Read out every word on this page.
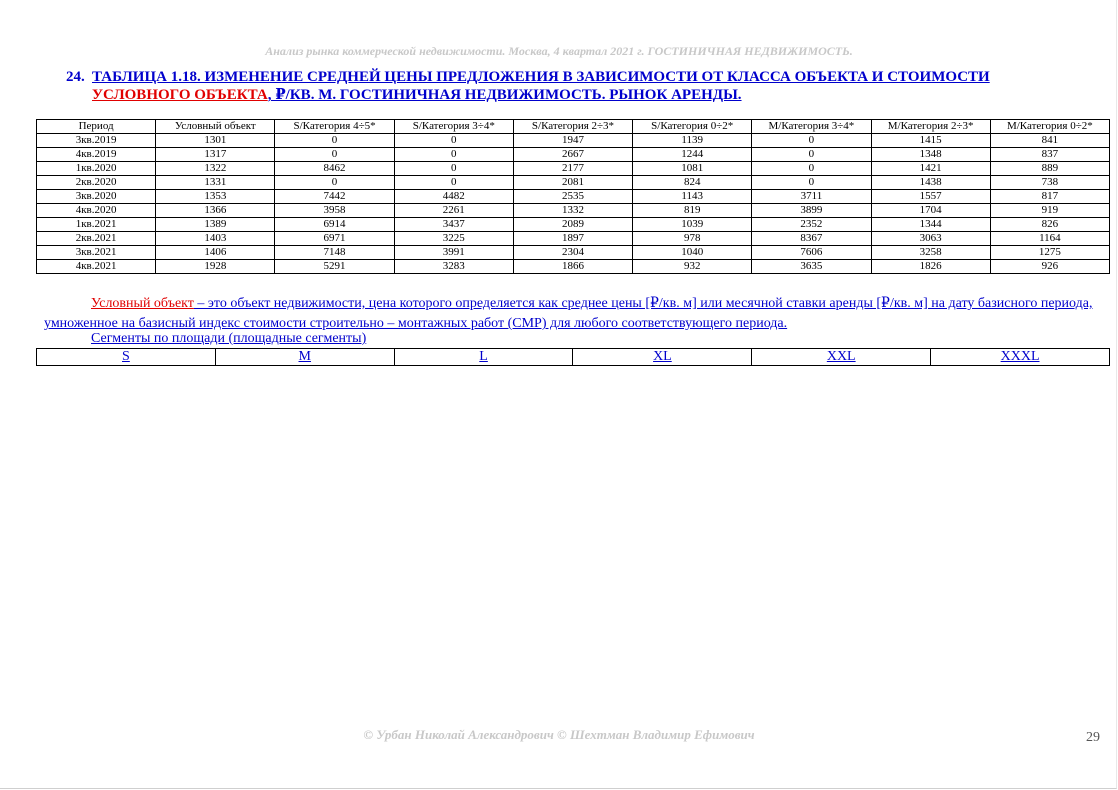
Анализ рынка коммерческой недвижимости. Москва, 4 квартал 2021 г. ГОСТИНИЧНАЯ НЕДВИЖИМОСТЬ.
24. ТАБЛИЦА 1.18. ИЗМЕНЕНИЕ СРЕДНЕЙ ЦЕНЫ ПРЕДЛОЖЕНИЯ В ЗАВИСИМОСТИ ОТ КЛАССА ОБЪЕКТА И СТОИМОСТИ
УСЛОВНОГО ОБЪЕКТА, ₽/КВ. М. ГОСТИНИЧНАЯ НЕДВИЖИМОСТЬ. РЫНОК АРЕНДЫ.
Период	Условный объект	S/Категория 4÷5*	S/Категория 3÷4*	S/Категория 2÷3*	S/Категория 0÷2*	M/Категория 3÷4*	M/Категория 2÷3*	M/Категория 0÷2*
3кв.2019	1301	0	0	1947	1139	0	1415	841
4кв.2019	1317	0	0	2667	1244	0	1348	837
1кв.2020	1322	8462	0	2177	1081	0	1421	889
2кв.2020	1331	0	0	2081	824	0	1438	738
3кв.2020	1353	7442	4482	2535	1143	3711	1557	817
4кв.2020	1366	3958	2261	1332	819	3899	1704	919
1кв.2021	1389	6914	3437	2089	1039	2352	1344	826
2кв.2021	1403	6971	3225	1897	978	8367	3063	1164
3кв.2021	1406	7148	3991	2304	1040	7606	3258	1275
4кв.2021	1928	5291	3283	1866	932	3635	1826	926

Условный объект – это объект недвижимости, цена которого определяется как среднее цены [₽/кв. м] или месячной ставки аренды [₽/кв. м] на дату базисного периода, умноженное на базисный индекс стоимости строительно – монтажных работ (СМР) для любого соответствующего периода.

Сегменты по площади (площадные сегменты)
S	M	L	XL	XXL	XXXL
© Урбан Николай Александрович © Шехтман Владимир Ефимович	29
